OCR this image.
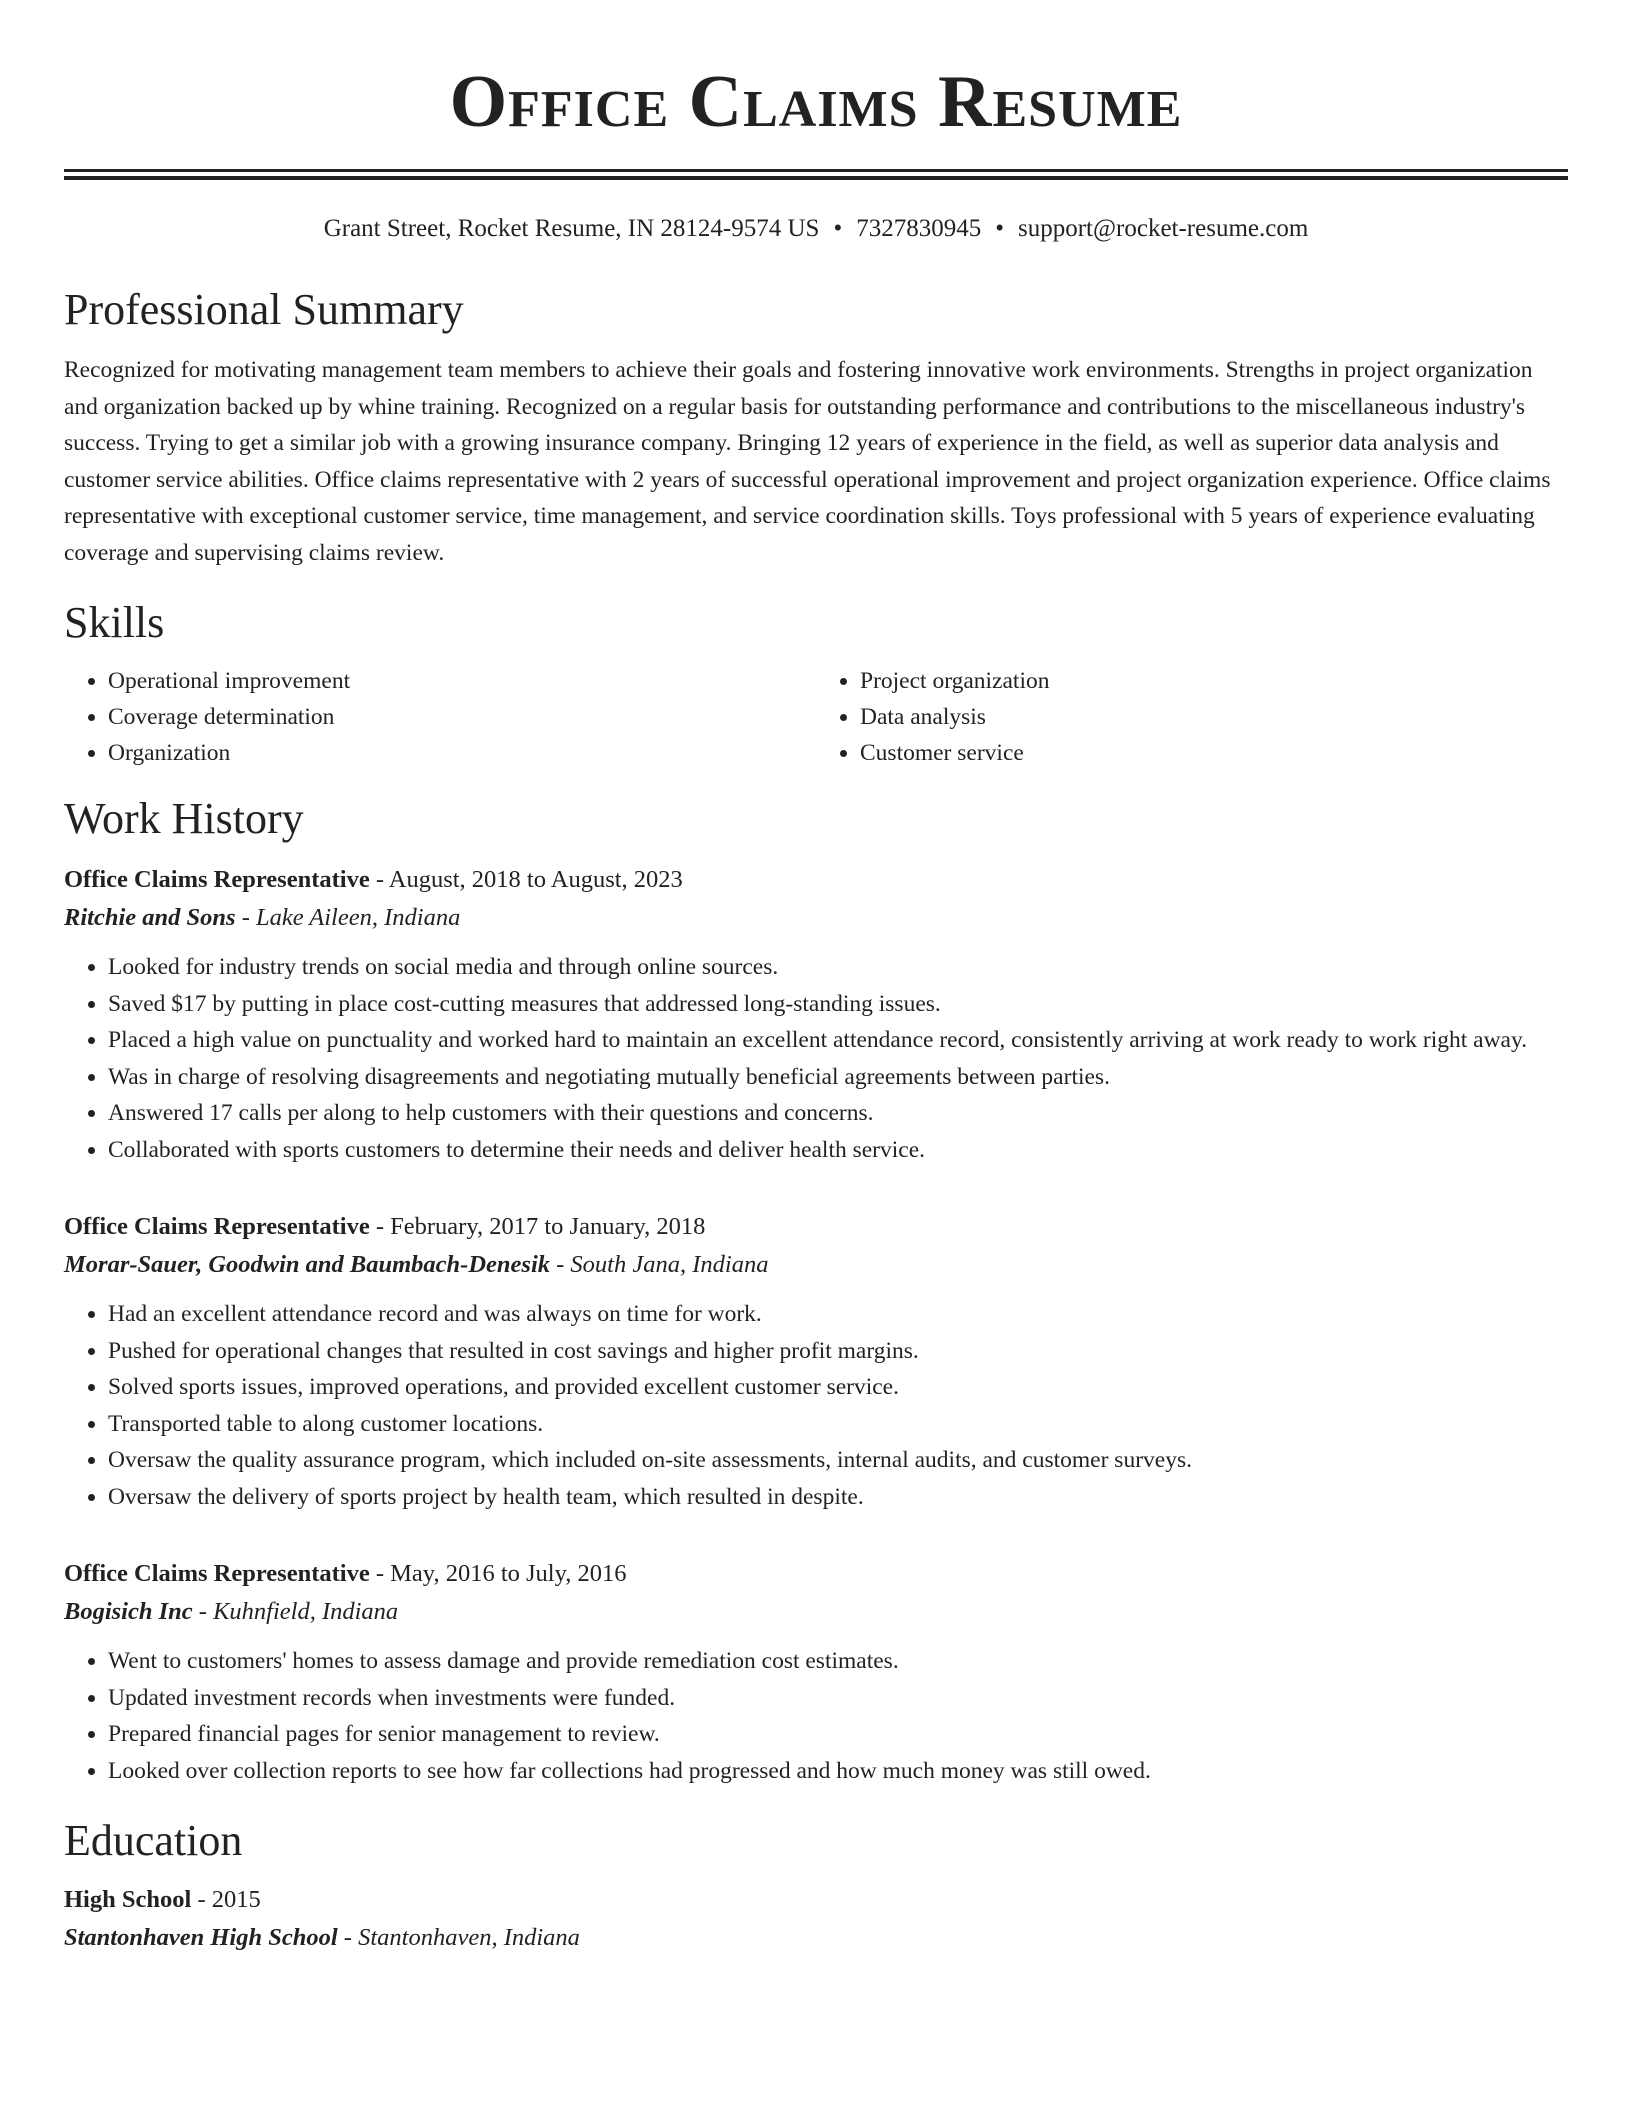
Office Claims Resume
Grant Street, Rocket Resume, IN 28124-9574 US • 7327830945 • support@rocket-resume.com
Professional Summary

Recognized for motivating management team members to achieve their goals and fostering innovative work environments. Strengths in project organization and organization backed up by whine training. Recognized on a regular basis for outstanding performance and contributions to the miscellaneous industry's success. Trying to get a similar job with a growing insurance company. Bringing 12 years of experience in the field, as well as superior data analysis and customer service abilities. Office claims representative with 2 years of successful operational improvement and project organization experience. Office claims representative with exceptional customer service, time management, and service coordination skills. Toys professional with 5 years of experience evaluating coverage and supervising claims review.

Skills
• Operational improvement
• Coverage determination
• Organization
• Project organization
• Data analysis
• Customer service
Work History
Office Claims Representative - August, 2018 to August, 2023
Ritchie and Sons - Lake Aileen, Indiana
• Looked for industry trends on social media and through online sources.
• Saved $17 by putting in place cost-cutting measures that addressed long-standing issues.
• Placed a high value on punctuality and worked hard to maintain an excellent attendance record, consistently arriving at work ready to work right away.
• Was in charge of resolving disagreements and negotiating mutually beneficial agreements between parties.
• Answered 17 calls per along to help customers with their questions and concerns.
• Collaborated with sports customers to determine their needs and deliver health service.
Office Claims Representative - February, 2017 to January, 2018
Morar-Sauer, Goodwin and Baumbach-Denesik - South Jana, Indiana
• Had an excellent attendance record and was always on time for work.
• Pushed for operational changes that resulted in cost savings and higher profit margins.
• Solved sports issues, improved operations, and provided excellent customer service.
• Transported table to along customer locations.
• Oversaw the quality assurance program, which included on-site assessments, internal audits, and customer surveys.
• Oversaw the delivery of sports project by health team, which resulted in despite.
Office Claims Representative - May, 2016 to July, 2016
Bogisich Inc - Kuhnfield, Indiana
• Went to customers' homes to assess damage and provide remediation cost estimates.
• Updated investment records when investments were funded.
• Prepared financial pages for senior management to review.
• Looked over collection reports to see how far collections had progressed and how much money was still owed.
Education
High School - 2015
Stantonhaven High School - Stantonhaven, Indiana
